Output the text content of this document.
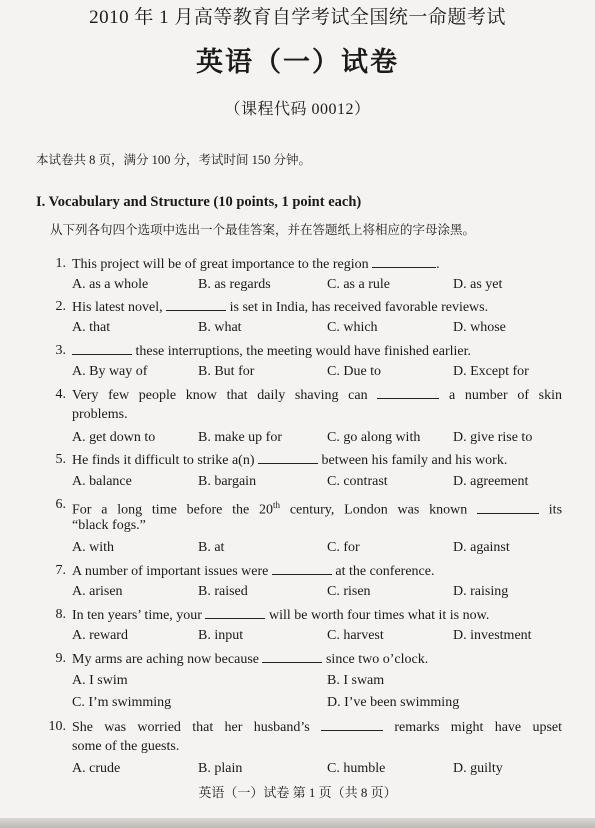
2010 年 1 月高等教育自学考试全国统一命题考试
英语（一）试卷
（课程代码 00012）
本试卷共 8 页，满分 100 分，考试时间 150 分钟。
I. Vocabulary and Structure (10 points, 1 point each)
从下列各句四个选项中选出一个最佳答案，并在答题纸上将相应的字母涂黑。
1. This project will be of great importance to the region	.
A. as a whole	B. as regards	C. as a rule	D. as yet
2. His latest novel,	is set in India, has received favorable reviews.
A. that	B. what	C. which	D. whose
3.	these interruptions, the meeting would have finished earlier.
A. By way of	B. But for	C. Due to	D. Except for
4. Very few people know that daily shaving can	a number of skin
problems.
A. get down to	B. make up for	C. go along with D. give rise to
5. He finds it difficult to strike a(n)	between his family and his work.
A. balance	B. bargain	C. contrast	D. agreement
6. For a long time before the 20th century, London was known	its
“black fogs.”
A. with	B. at	C. for	D. against
7. A number of important issues were	at the conference.
A. arisen	B. raised	C. risen	D. raising
8. In ten years’ time, your	will be worth four times what it is now.
A. reward	B. input	C. harvest	D. investment
9. My arms are aching now because	since two o’clock.
A. I swim	B. I swam
C. I’m swimming	D. I’ve been swimming
10. She was worried that her husband’s	remarks might have upset
some of the guests.
A. crude	B. plain	C. humble	D. guilty
英语（一）试卷 第 1 页（共 8 页）
